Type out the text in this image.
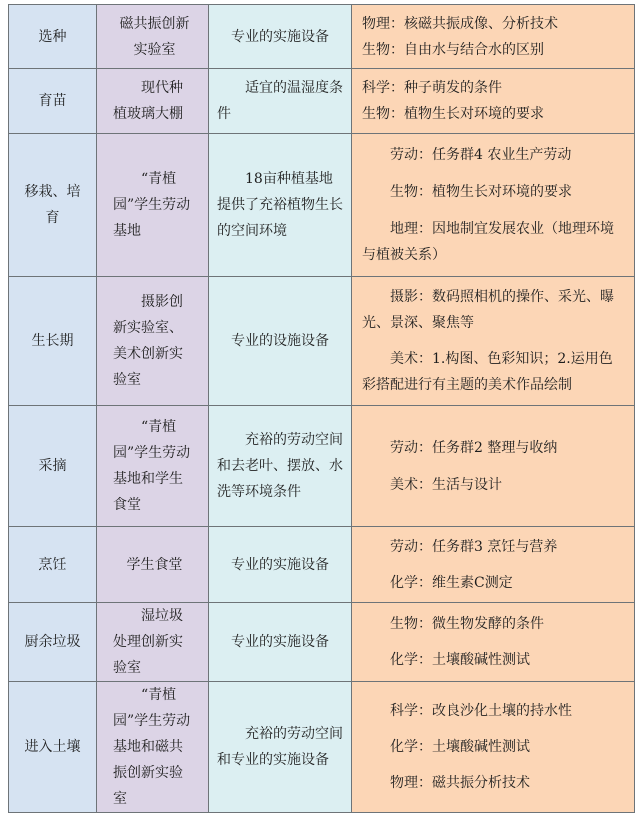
选种	磁共振创新实验室	专业的实施设备	物理：核磁共振成像、分析技术
生物：自由水与结合水的区别

育苗	现代种植玻璃大棚	适宜的温湿度条件	科学：种子萌发的条件
生物：植物生长对环境的要求

移栽、培育	“青植园”学生劳动基地	18亩种植基地提供了充裕植物生长的空间环境	劳动：任务群4 农业生产劳动
生物：植物生长对环境的要求
地理：因地制宜发展农业（地理环境与植被关系）

生长期	摄影创新实验室、美术创新实验室	专业的设施设备	摄影：数码照相机的操作、采光、曝光、景深、聚焦等
美术：1.构图、色彩知识；2.运用色彩搭配进行有主题的美术作品绘制

采摘	“青植园”学生劳动基地和学生食堂	充裕的劳动空间和去老叶、摆放、水洗等环境条件	劳动：任务群2 整理与收纳
美术：生活与设计

烹饪	学生食堂	专业的实施设备	劳动：任务群3 烹饪与营养
化学：维生素C测定

厨余垃圾	湿垃圾处理创新实验室	专业的实施设备	生物：微生物发酵的条件
化学：土壤酸碱性测试

进入土壤	“青植园”学生劳动基地和磁共振创新实验室	充裕的劳动空间和专业的实施设备	科学：改良沙化土壤的持水性
化学：土壤酸碱性测试
物理：磁共振分析技术
